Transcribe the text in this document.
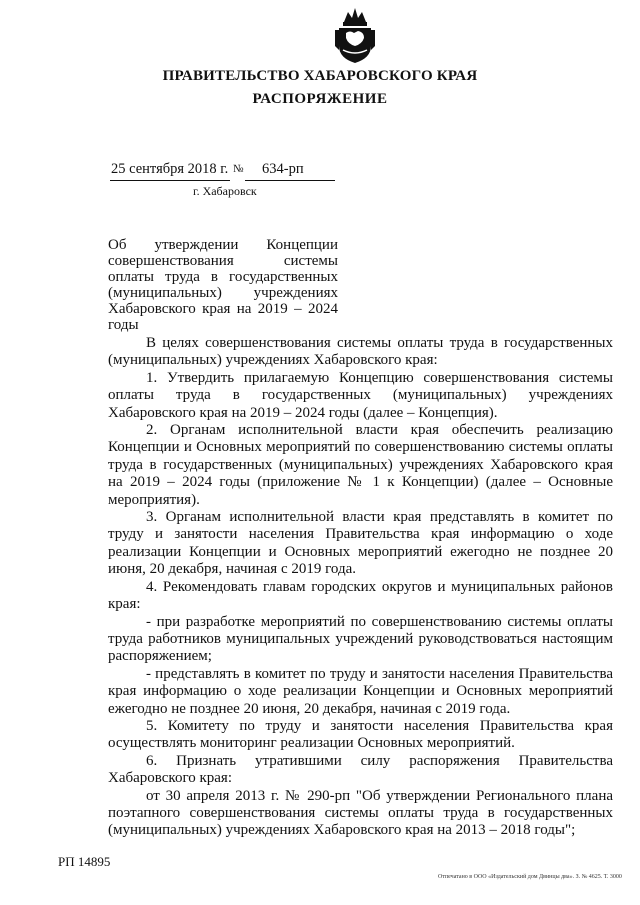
ПРАВИТЕЛЬСТВО ХАБАРОВСКОГО КРАЯ
РАСПОРЯЖЕНИЕ
25 сентября 2018 г. № 634-рп
г. Хабаровск
Об утверждении Концепции совершенствования системы оплаты труда в государственных (муниципальных) учреждениях Хабаровского края на 2019 – 2024 годы

В целях совершенствования системы оплаты труда в государственных (муниципальных) учреждениях Хабаровского края:

1. Утвердить прилагаемую Концепцию совершенствования системы оплаты труда в государственных (муниципальных) учреждениях Хабаровского края на 2019 – 2024 годы (далее – Концепция).

2. Органам исполнительной власти края обеспечить реализацию Концепции и Основных мероприятий по совершенствованию системы оплаты труда в государственных (муниципальных) учреждениях Хабаровского края на 2019 – 2024 годы (приложение № 1 к Концепции) (далее – Основные мероприятия).

3. Органам исполнительной власти края представлять в комитет по труду и занятости населения Правительства края информацию о ходе реализации Концепции и Основных мероприятий ежегодно не позднее 20 июня, 20 декабря, начиная с 2019 года.

4. Рекомендовать главам городских округов и муниципальных районов края:

- при разработке мероприятий по совершенствованию системы оплаты труда работников муниципальных учреждений руководствоваться настоящим распоряжением;

- представлять в комитет по труду и занятости населения Правительства края информацию о ходе реализации Концепции и Основных мероприятий ежегодно не позднее 20 июня, 20 декабря, начиная с 2019 года.

5. Комитету по труду и занятости населения Правительства края осуществлять мониторинг реализации Основных мероприятий.

6. Признать утратившими силу распоряжения Правительства Хабаровского края:

от 30 апреля 2013 г. № 290-рп "Об утверждении Регионального плана поэтапного совершенствования системы оплаты труда в государственных (муниципальных) учреждениях Хабаровского края на 2013 – 2018 годы";

РП 14895
Отпечатано в ООО «Издательский дом Двинцы два». З. № 4625. Т. 3000
